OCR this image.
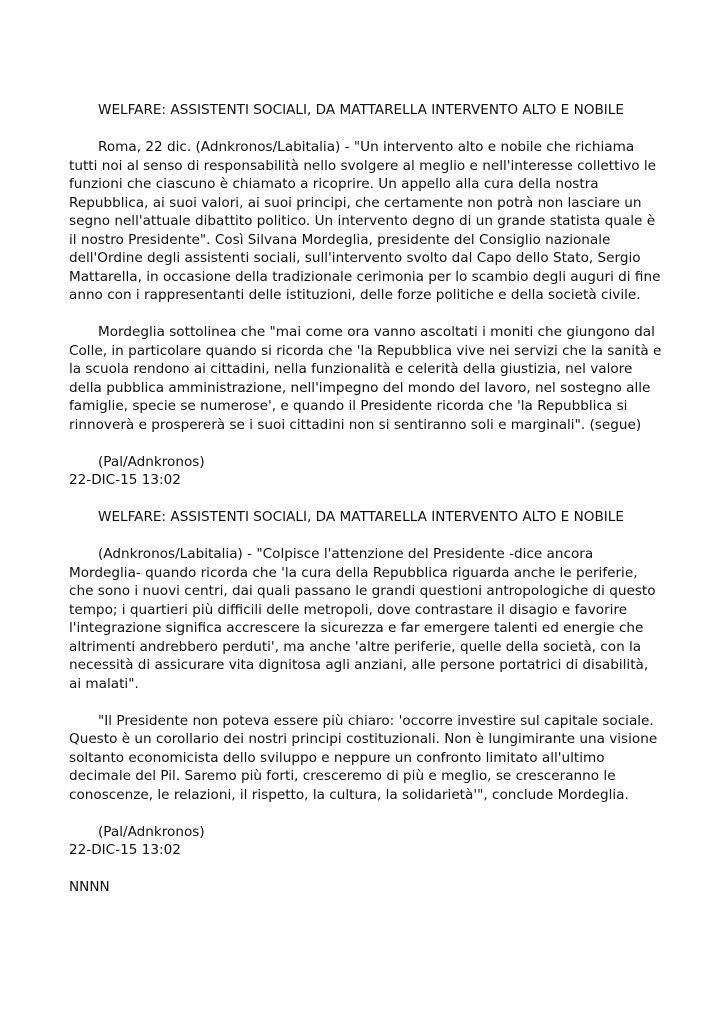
WELFARE: ASSISTENTI SOCIALI, DA MATTARELLA INTERVENTO ALTO E NOBILE
Roma, 22 dic. (Adnkronos/Labitalia) - "Un intervento alto e nobile che richiama
tutti noi al senso di responsabilità nello svolgere al meglio e nell'interesse collettivo le
funzioni che ciascuno è chiamato a ricoprire. Un appello alla cura della nostra
Repubblica, ai suoi valori, ai suoi principi, che certamente non potrà non lasciare un
segno nell'attuale dibattito politico. Un intervento degno di un grande statista quale è
il nostro Presidente". Così Silvana Mordeglia, presidente del Consiglio nazionale
dell'Ordine degli assistenti sociali, sull'intervento svolto dal Capo dello Stato, Sergio
Mattarella, in occasione della tradizionale cerimonia per lo scambio degli auguri di fine
anno con i rappresentanti delle istituzioni, delle forze politiche e della società civile.
Mordeglia sottolinea che "mai come ora vanno ascoltati i moniti che giungono dal
Colle, in particolare quando si ricorda che 'la Repubblica vive nei servizi che la sanità e
la scuola rendono ai cittadini, nella funzionalità e celerità della giustizia, nel valore
della pubblica amministrazione, nell'impegno del mondo del lavoro, nel sostegno alle
famiglie, specie se numerose', e quando il Presidente ricorda che 'la Repubblica si
rinnoverà e prospererà se i suoi cittadini non si sentiranno soli e marginali". (segue)
(Pal/Adnkronos)
22-DIC-15 13:02
WELFARE: ASSISTENTI SOCIALI, DA MATTARELLA INTERVENTO ALTO E NOBILE
(Adnkronos/Labitalia) - "Colpisce l'attenzione del Presidente -dice ancora
Mordeglia- quando ricorda che 'la cura della Repubblica riguarda anche le periferie,
che sono i nuovi centri, dai quali passano le grandi questioni antropologiche di questo
tempo; i quartieri più difficili delle metropoli, dove contrastare il disagio e favorire
l'integrazione significa accrescere la sicurezza e far emergere talenti ed energie che
altrimenti andrebbero perduti', ma anche 'altre periferie, quelle della società, con la
necessità di assicurare vita dignitosa agli anziani, alle persone portatrici di disabilità,
ai malati".
"Il Presidente non poteva essere più chiaro: 'occorre investire sul capitale sociale.
Questo è un corollario dei nostri principi costituzionali. Non è lungimirante una visione
soltanto economicista dello sviluppo e neppure un confronto limitato all'ultimo
decimale del Pil. Saremo più forti, cresceremo di più e meglio, se cresceranno le
conoscenze, le relazioni, il rispetto, la cultura, la solidarietà'", conclude Mordeglia.
(Pal/Adnkronos)
22-DIC-15 13:02
NNNN
